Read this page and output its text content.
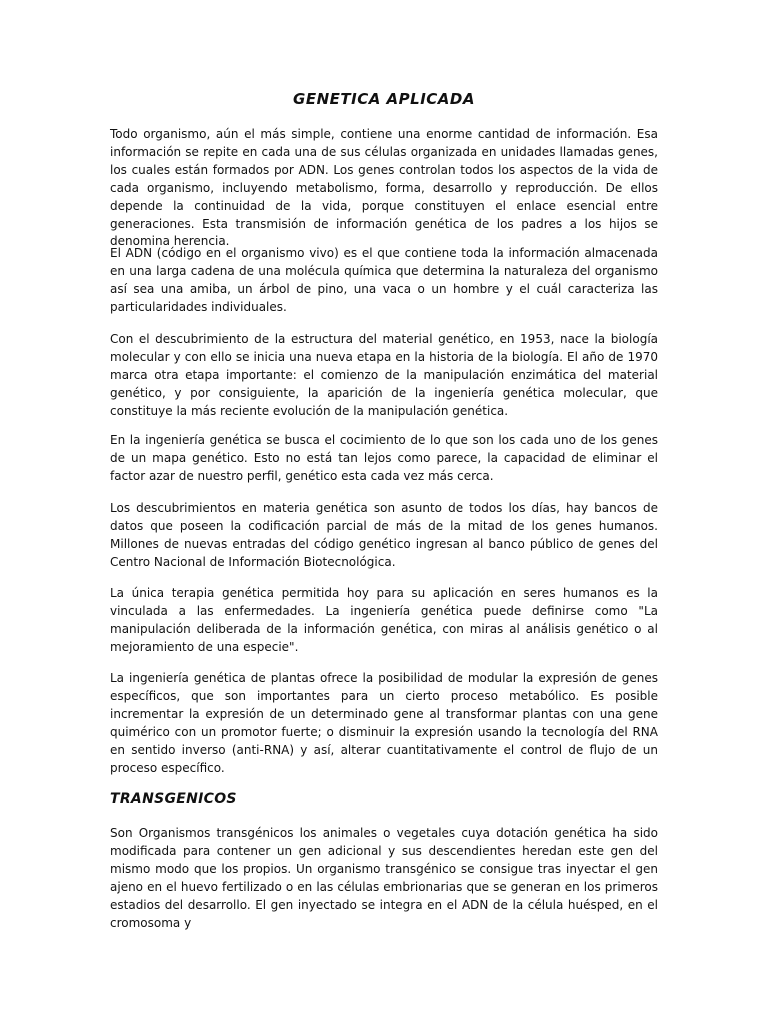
GENETICA APLICADA

Todo organismo, aún el más simple, contiene una enorme cantidad de información. Esa información se repite en cada una de sus células organizada en unidades llamadas genes, los cuales están formados por ADN. Los genes controlan todos los aspectos de la vida de cada organismo, incluyendo metabolismo, forma, desarrollo y reproducción. De ellos depende la continuidad de la vida, porque constituyen el enlace esencial entre generaciones. Esta transmisión de información genética de los padres a los hijos se denomina herencia.

El ADN (código en el organismo vivo) es el que contiene toda la información almacenada en una larga cadena de una molécula química que determina la naturaleza del organismo así sea una amiba, un árbol de pino, una vaca o un hombre y el cuál caracteriza las particularidades individuales.

Con el descubrimiento de la estructura del material genético, en 1953, nace la biología molecular y con ello se inicia una nueva etapa en la historia de la biología. El año de 1970 marca otra etapa importante: el comienzo de la manipulación enzimática del material genético, y por consiguiente, la aparición de la ingeniería genética molecular, que constituye la más reciente evolución de la manipulación genética.

En la ingeniería genética se busca el cocimiento de lo que son los cada uno de los genes de un mapa genético. Esto no está tan lejos como parece, la capacidad de eliminar el factor azar de nuestro perfil, genético esta cada vez más cerca.

Los descubrimientos en materia genética son asunto de todos los días, hay bancos de datos que poseen la codificación parcial de más de la mitad de los genes humanos. Millones de nuevas entradas del código genético ingresan al banco público de genes del Centro Nacional de Información Biotecnológica.

La única terapia genética permitida hoy para su aplicación en seres humanos es la vinculada a las enfermedades. La ingeniería genética puede definirse como "La manipulación deliberada de la información genética, con miras al análisis genético o al mejoramiento de una especie".

La ingeniería genética de plantas ofrece la posibilidad de modular la expresión de genes específicos, que son importantes para un cierto proceso metabólico. Es posible incrementar la expresión de un determinado gene al transformar plantas con una gene quimérico con un promotor fuerte; o disminuir la expresión usando la tecnología del RNA en sentido inverso (anti-RNA) y así, alterar cuantitativamente el control de flujo de un proceso específico.

TRANSGENICOS

Son Organismos transgénicos los animales o vegetales cuya dotación genética ha sido modificada para contener un gen adicional y sus descendientes heredan este gen del mismo modo que los propios. Un organismo transgénico se consigue tras inyectar el gen ajeno en el huevo fertilizado o en las células embrionarias que se generan en los primeros estadios del desarrollo. El gen inyectado se integra en el ADN de la célula huésped, en el cromosoma y
